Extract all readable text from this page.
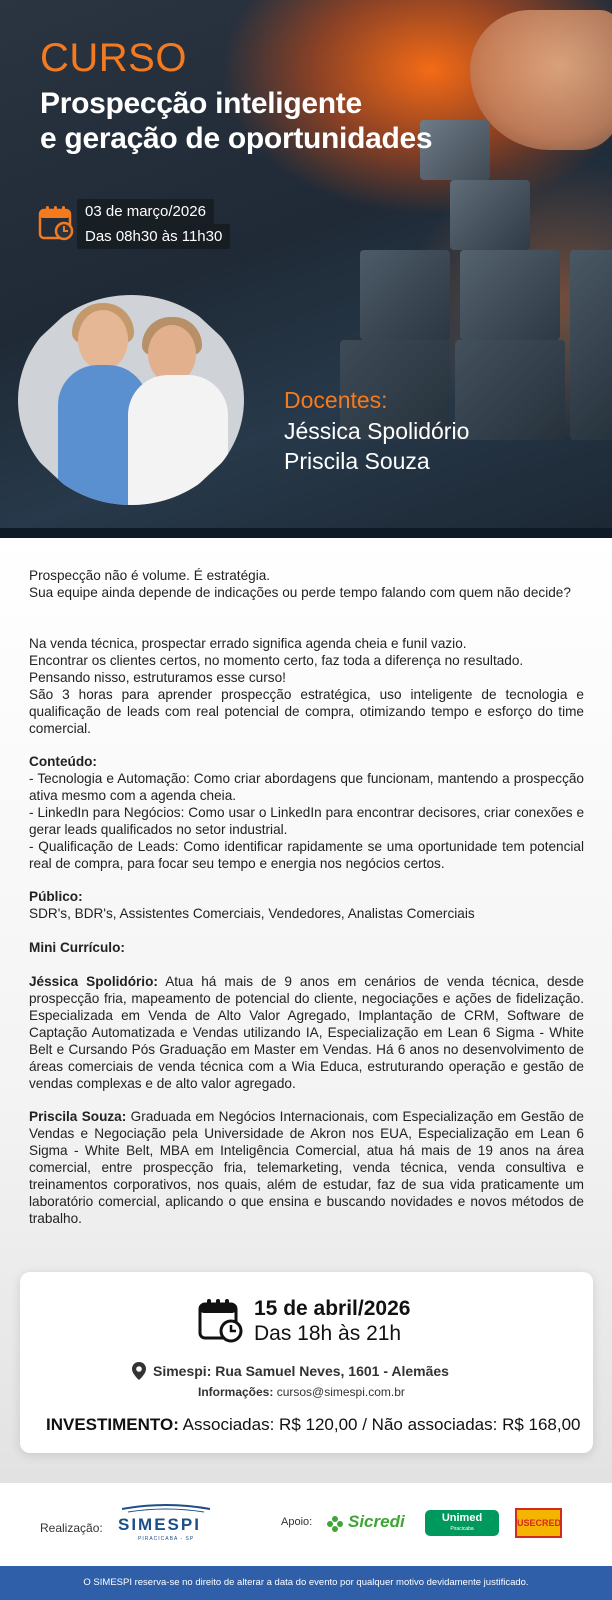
CURSO
Prospecção inteligente
e geração de oportunidades
03 de março/2026
Das 08h30 às 11h30
Docentes:
Jéssica Spolidório
Priscila Souza
Prospecção não é volume. É estratégia.
Sua equipe ainda depende de indicações ou perde tempo falando com quem não decide?
Na venda técnica, prospectar errado significa agenda cheia e funil vazio.
Encontrar os clientes certos, no momento certo, faz toda a diferença no resultado.
Pensando nisso, estruturamos esse curso!
São 3 horas para aprender prospecção estratégica, uso inteligente de tecnologia e qualificação de leads com real potencial de compra, otimizando tempo e esforço do time comercial.
Conteúdo:
- Tecnologia e Automação: Como criar abordagens que funcionam, mantendo a prospecção ativa mesmo com a agenda cheia.
- LinkedIn para Negócios: Como usar o LinkedIn para encontrar decisores, criar conexões e gerar leads qualificados no setor industrial.
- Qualificação de Leads: Como identificar rapidamente se uma oportunidade tem potencial real de compra, para focar seu tempo e energia nos negócios certos.
Público:
SDR's, BDR's, Assistentes Comerciais, Vendedores, Analistas Comerciais
Mini Currículo:
Jéssica Spolidório: Atua há mais de 9 anos em cenários de venda técnica, desde prospecção fria, mapeamento de potencial do cliente, negociações e ações de fidelização. Especializada em Venda de Alto Valor Agregado, Implantação de CRM, Software de Captação Automatizada e Vendas utilizando IA, Especialização em Lean 6 Sigma - White Belt e Cursando Pós Graduação em Master em Vendas. Há 6 anos no desenvolvimento de áreas comerciais de venda técnica com a Wia Educa, estruturando operação e gestão de vendas complexas e de alto valor agregado.
Priscila Souza: Graduada em Negócios Internacionais, com Especialização em Gestão de Vendas e Negociação pela Universidade de Akron nos EUA, Especialização em Lean 6 Sigma - White Belt, MBA em Inteligência Comercial, atua há mais de 19 anos na área comercial, entre prospecção fria, telemarketing, venda técnica, venda consultiva e treinamentos corporativos, nos quais, além de estudar, faz de sua vida praticamente um laboratório comercial, aplicando o que ensina e buscando novidades e novos métodos de trabalho.
15 de abril/2026
Das 18h às 21h
Simespi: Rua Samuel Neves, 1601 - Alemães
Informações: cursos@simespi.com.br
INVESTIMENTO: Associadas: R$ 120,00 / Não associadas: R$ 168,00
Realização: SIMESPI
PIRACICABA - SP
Apoio: Sicredi	Unimed
Piracicaba
USECRED
O SIMESPI reserva-se no direito de alterar a data do evento por qualquer motivo devidamente justificado.
